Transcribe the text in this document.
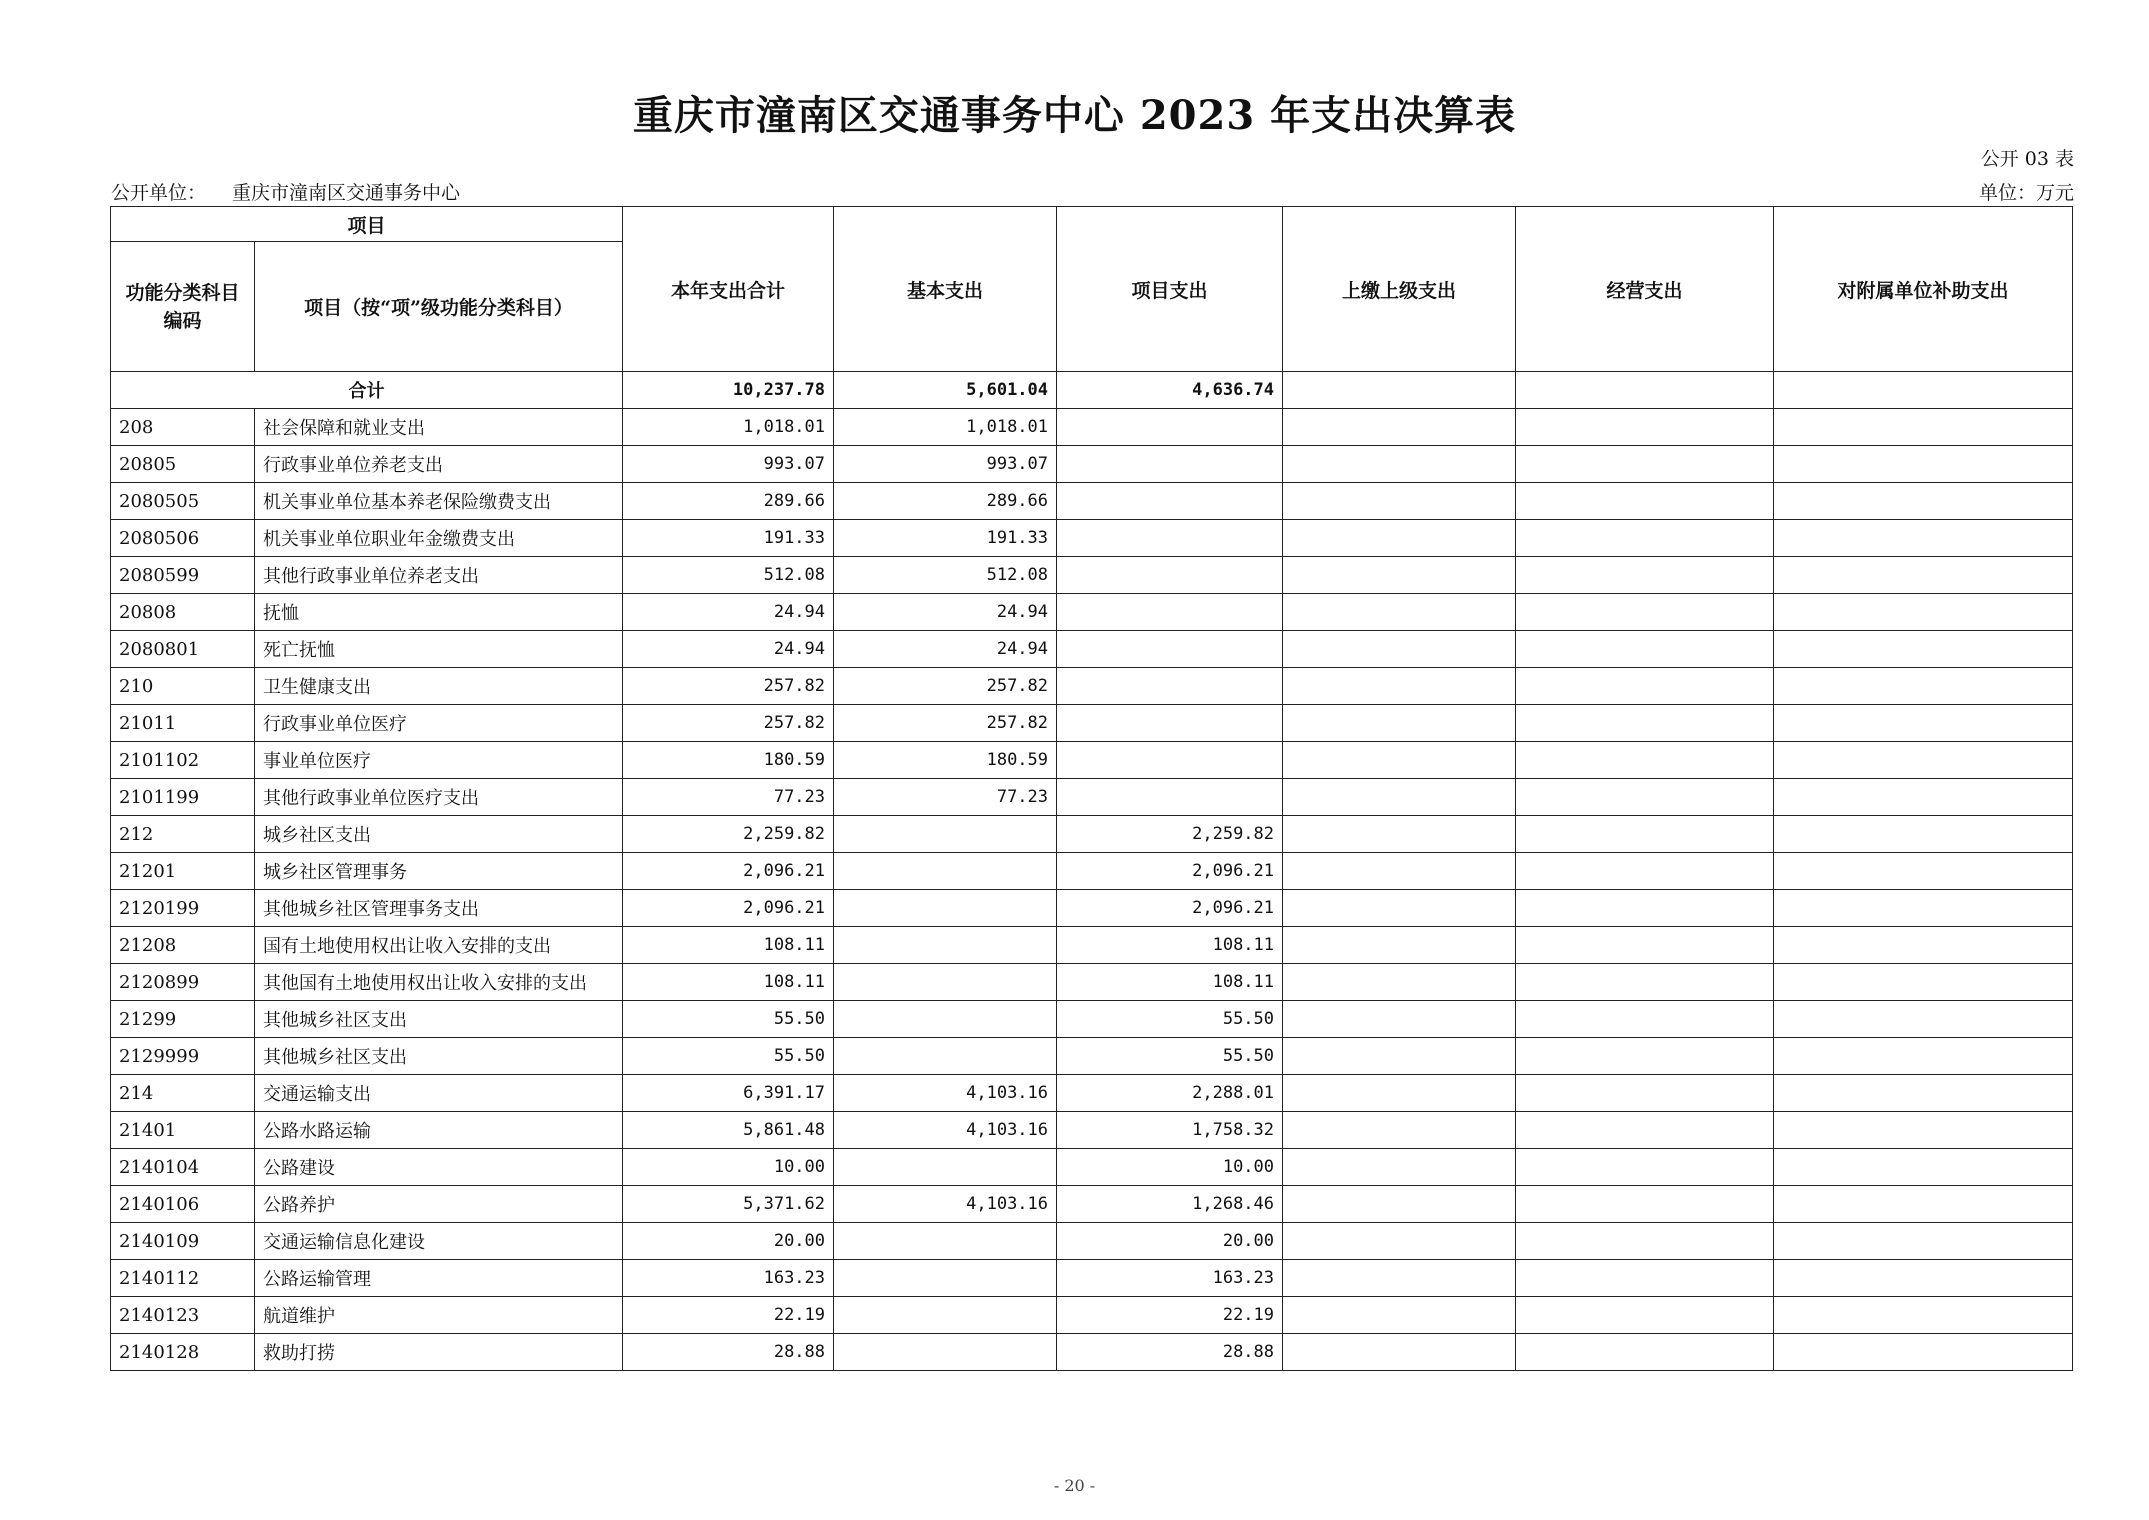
重庆市潼南区交通事务中心 2023 年支出决算表
公开 03 表
公开单位： 重庆市潼南区交通事务中心	单位：万元
项目		本年支出合计	基本支出	项目支出	上缴上级支出	经营支出	对附属单位补助支出
功能分类科目编码	项目（按“项”级功能分类科目）						
合计		10,237.78	5,601.04	4,636.74			
208	社会保障和就业支出	1,018.01	1,018.01				
20805	行政事业单位养老支出	993.07	993.07				
2080505	机关事业单位基本养老保险缴费支出	289.66	289.66				
2080506	机关事业单位职业年金缴费支出	191.33	191.33				
2080599	其他行政事业单位养老支出	512.08	512.08				
20808	抚恤	24.94	24.94				
2080801	死亡抚恤	24.94	24.94				
210	卫生健康支出	257.82	257.82				
21011	行政事业单位医疗	257.82	257.82				
2101102	事业单位医疗	180.59	180.59				
2101199	其他行政事业单位医疗支出	77.23	77.23				
212	城乡社区支出	2,259.82		2,259.82			
21201	城乡社区管理事务	2,096.21		2,096.21			
2120199	其他城乡社区管理事务支出	2,096.21		2,096.21			
21208	国有土地使用权出让收入安排的支出	108.11		108.11			
2120899	其他国有土地使用权出让收入安排的支出	108.11		108.11			
21299	其他城乡社区支出	55.50		55.50			
2129999	其他城乡社区支出	55.50		55.50			
214	交通运输支出	6,391.17	4,103.16	2,288.01			
21401	公路水路运输	5,861.48	4,103.16	1,758.32			
2140104	公路建设	10.00		10.00			
2140106	公路养护	5,371.62	4,103.16	1,268.46			
2140109	交通运输信息化建设	20.00		20.00			
2140112	公路运输管理	163.23		163.23			
2140123	航道维护	22.19		22.19			
2140128	救助打捞	28.88		28.88			
- 20 -
